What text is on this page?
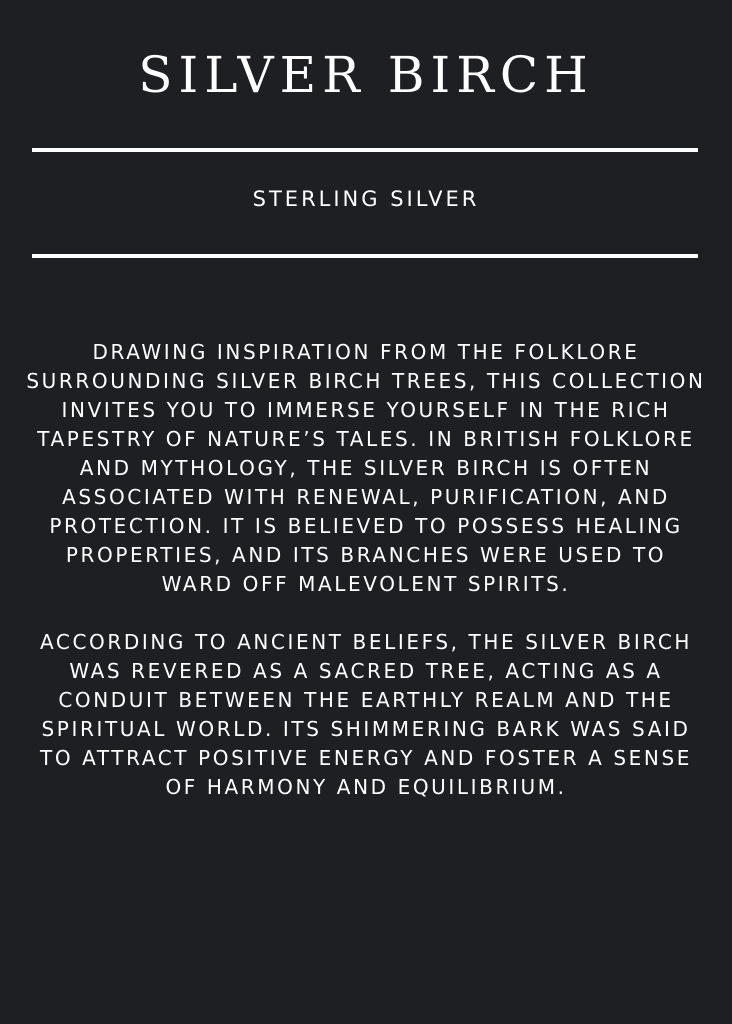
SILVER BIRCH
STERLING SILVER

DRAWING INSPIRATION FROM THE FOLKLORE SURROUNDING SILVER BIRCH TREES, THIS COLLECTION INVITES YOU TO IMMERSE YOURSELF IN THE RICH TAPESTRY OF NATURE’S TALES. IN BRITISH FOLKLORE AND MYTHOLOGY, THE SILVER BIRCH IS OFTEN ASSOCIATED WITH RENEWAL, PURIFICATION, AND PROTECTION. IT IS BELIEVED TO POSSESS HEALING PROPERTIES, AND ITS BRANCHES WERE USED TO WARD OFF MALEVOLENT SPIRITS.

ACCORDING TO ANCIENT BELIEFS, THE SILVER BIRCH WAS REVERED AS A SACRED TREE, ACTING AS A CONDUIT BETWEEN THE EARTHLY REALM AND THE SPIRITUAL WORLD. ITS SHIMMERING BARK WAS SAID TO ATTRACT POSITIVE ENERGY AND FOSTER A SENSE OF HARMONY AND EQUILIBRIUM.
